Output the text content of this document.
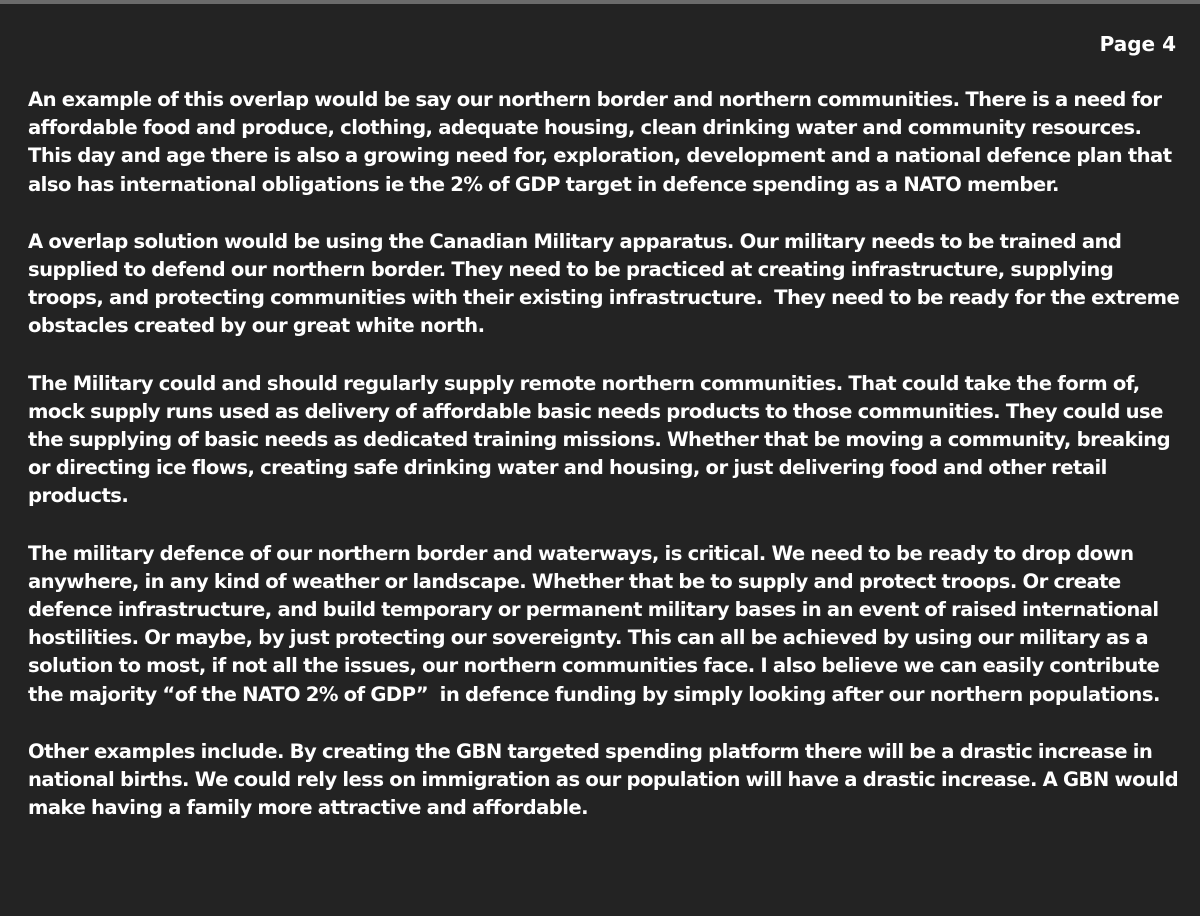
Page 4

An example of this overlap would be say our northern border and northern communities. There is a need for affordable food and produce, clothing, adequate housing, clean drinking water and community resources. This day and age there is also a growing need for, exploration, development and a national defence plan that also has international obligations ie the 2% of GDP target in defence spending as a NATO member.

A overlap solution would be using the Canadian Military apparatus. Our military needs to be trained and supplied to defend our northern border. They need to be practiced at creating infrastructure, supplying troops, and protecting communities with their existing infrastructure.  They need to be ready for the extreme obstacles created by our great white north.

The Military could and should regularly supply remote northern communities. That could take the form of, mock supply runs used as delivery of affordable basic needs products to those communities. They could use the supplying of basic needs as dedicated training missions. Whether that be moving a community, breaking or directing ice flows, creating safe drinking water and housing, or just delivering food and other retail products.

The military defence of our northern border and waterways, is critical. We need to be ready to drop down anywhere, in any kind of weather or landscape. Whether that be to supply and protect troops. Or create defence infrastructure, and build temporary or permanent military bases in an event of raised international hostilities. Or maybe, by just protecting our sovereignty. This can all be achieved by using our military as a solution to most, if not all the issues, our northern communities face. I also believe we can easily contribute the majority “of the NATO 2% of GDP”  in defence funding by simply looking after our northern populations.

Other examples include. By creating the GBN targeted spending platform there will be a drastic increase in national births. We could rely less on immigration as our population will have a drastic increase. A GBN would make having a family more attractive and affordable.
